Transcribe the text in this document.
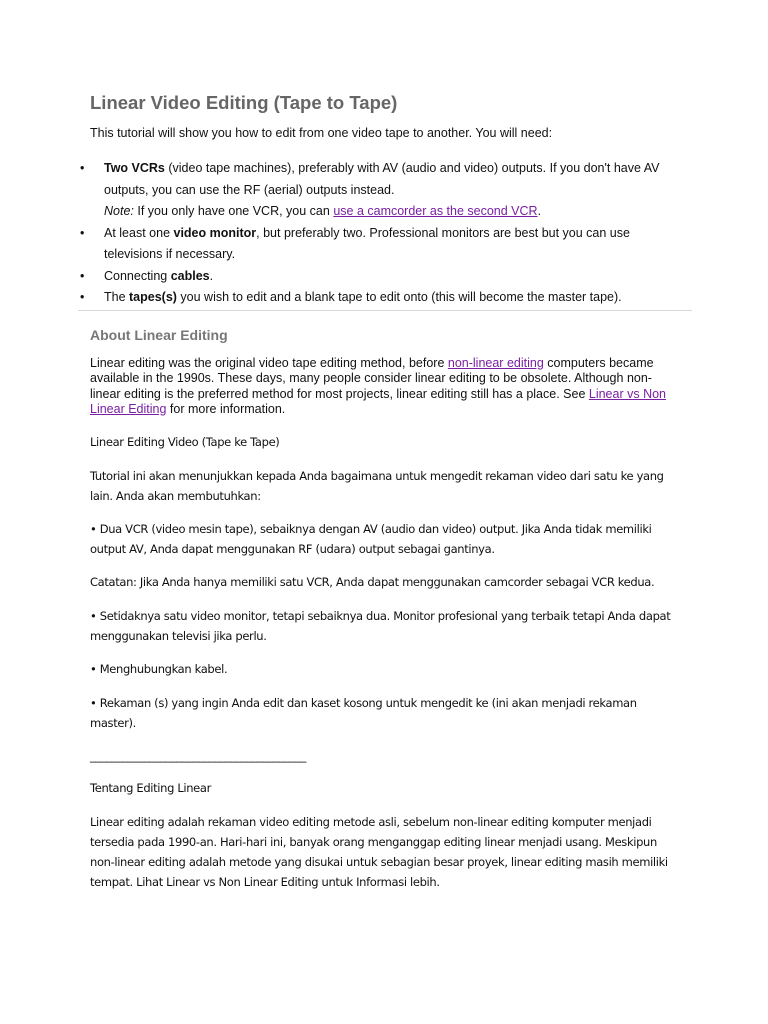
Linear Video Editing (Tape to Tape)

This tutorial will show you how to edit from one video tape to another. You will need:

• Two VCRs (video tape machines), preferably with AV (audio and video) outputs. If you don't have AV outputs, you can use the RF (aerial) outputs instead.
Note: If you only have one VCR, you can use a camcorder as the second VCR.
• At least one video monitor, but preferably two. Professional monitors are best but you can use televisions if necessary.
• Connecting cables.
• The tapes(s) you wish to edit and a blank tape to edit onto (this will become the master tape).
About Linear Editing

Linear editing was the original video tape editing method, before non-linear editing computers became available in the 1990s. These days, many people consider linear editing to be obsolete. Although non-linear editing is the preferred method for most projects, linear editing still has a place. See Linear vs Non Linear Editing for more information.

Linear Editing Video (Tape ke Tape)

Tutorial ini akan menunjukkan kepada Anda bagaimana untuk mengedit rekaman video dari satu ke yang lain. Anda akan membutuhkan:

• Dua VCR (video mesin tape), sebaiknya dengan AV (audio dan video) output. Jika Anda tidak memiliki output AV, Anda dapat menggunakan RF (udara) output sebagai gantinya.

Catatan: Jika Anda hanya memiliki satu VCR, Anda dapat menggunakan camcorder sebagai VCR kedua.

• Setidaknya satu video monitor, tetapi sebaiknya dua. Monitor profesional yang terbaik tetapi Anda dapat menggunakan televisi jika perlu.

• Menghubungkan kabel.

• Rekaman (s) yang ingin Anda edit dan kaset kosong untuk mengedit ke (ini akan menjadi rekaman master).

________________________________________

Tentang Editing Linear

Linear editing adalah rekaman video editing metode asli, sebelum non-linear editing komputer menjadi tersedia pada 1990-an. Hari-hari ini, banyak orang menganggap editing linear menjadi usang. Meskipun non-linear editing adalah metode yang disukai untuk sebagian besar proyek, linear editing masih memiliki tempat. Lihat Linear vs Non Linear Editing untuk Informasi lebih.
